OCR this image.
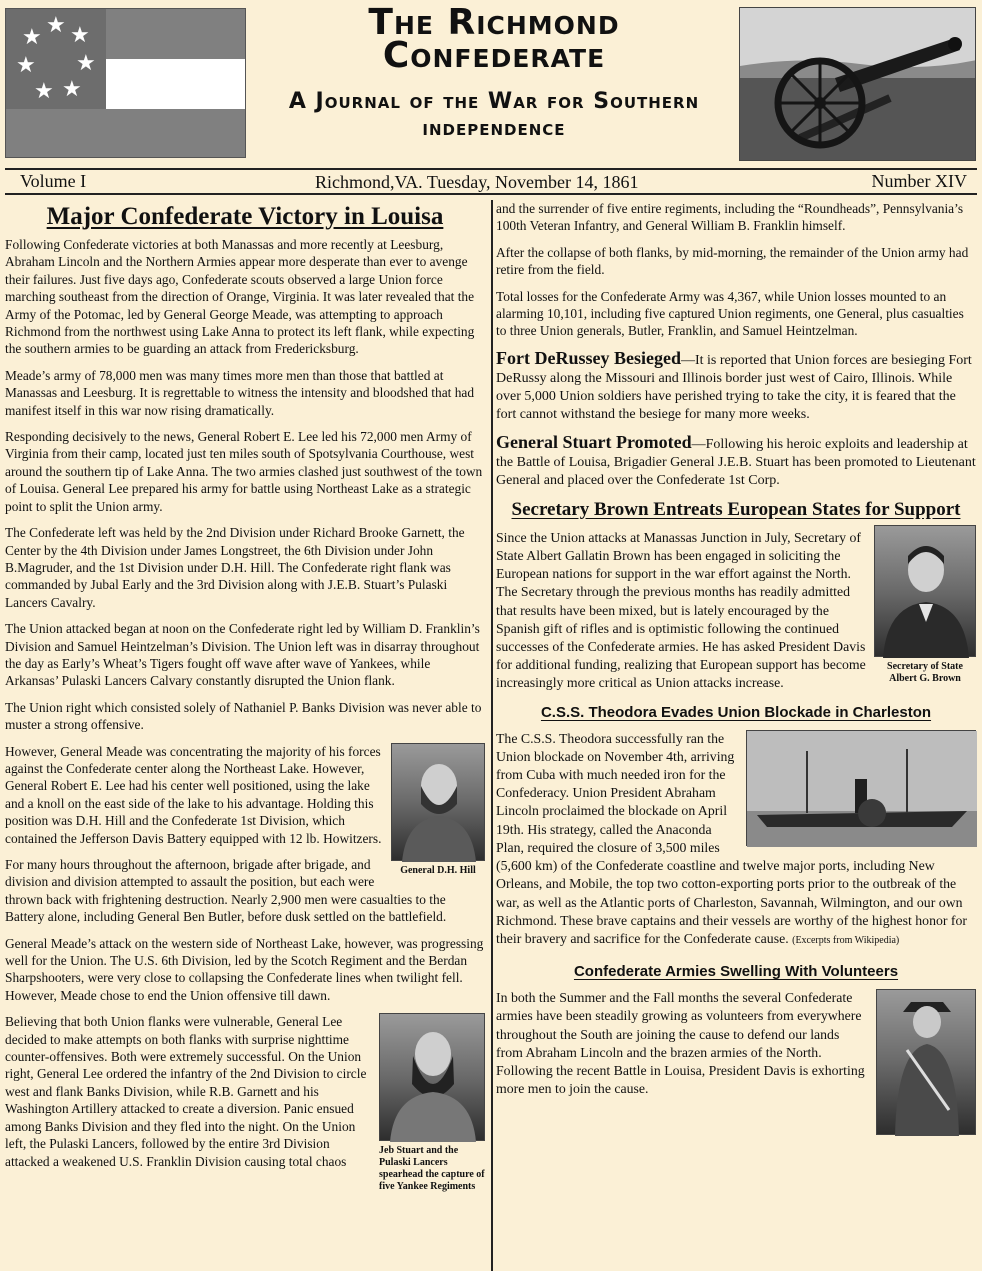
★ ★
★
★
★
★
★	The Richmond Confederate
A Journal of the War for Southern independence
Volume I	Richmond,VA. Tuesday, November 14, 1861	Number XIV
Major Confederate Victory in Louisa

Following Confederate victories at both Manassas and more recently at Leesburg, Abraham Lincoln and the Northern Armies appear more desperate than ever to avenge their failures. Just five days ago, Confederate scouts observed a large Union force marching southeast from the direction of Orange, Virginia. It was later revealed that the Army of the Potomac, led by General George Meade, was attempting to approach Richmond from the northwest using Lake Anna to protect its left flank, while expecting the southern armies to be guarding an attack from Fredericksburg.

Meade’s army of 78,000 men was many times more men than those that battled at Manassas and Leesburg. It is regrettable to witness the intensity and bloodshed that had manifest itself in this war now rising dramatically.

Responding decisively to the news, General Robert E. Lee led his 72,000 men Army of Virginia from their camp, located just ten miles south of Spotsylvania Courthouse, west around the southern tip of Lake Anna. The two armies clashed just southwest of the town of Louisa. General Lee prepared his army for battle using Northeast Lake as a strategic point to split the Union army.

The Confederate left was held by the 2nd Division under Richard Brooke Garnett, the Center by the 4th Division under James Longstreet, the 6th Division under John B.Magruder, and the 1st Division under D.H. Hill. The Confederate right flank was commanded by Jubal Early and the 3rd Division along with J.E.B. Stuart’s Pulaski Lancers Cavalry.

The Union attacked began at noon on the Confederate right led by William D. Franklin’s Division and Samuel Heintzelman’s Division. The Union left was in disarray throughout the day as Early’s Wheat’s Tigers fought off wave after wave of Yankees, while Arkansas’ Pulaski Lancers Calvary constantly disrupted the Union flank.

The Union right which consisted solely of Nathaniel P. Banks Division was never able to muster a strong offensive.

General D.H. Hill

However, General Meade was concentrating the majority of his forces against the Confederate center along the Northeast Lake. However, General Robert E. Lee had his center well positioned, using the lake and a knoll on the east side of the lake to his advantage. Holding this position was D.H. Hill and the Confederate 1st Division, which contained the Jefferson Davis Battery equipped with 12 lb. Howitzers.

For many hours throughout the afternoon, brigade after brigade, and division and division attempted to assault the position, but each were thrown back with frightening destruction. Nearly 2,900 men were casualties to the Battery alone, including General Ben Butler, before dusk settled on the battlefield.

General Meade’s attack on the western side of Northeast Lake, however, was progressing well for the Union. The U.S. 6th Division, led by the Scotch Regiment and the Berdan Sharpshooters, were very close to collapsing the Confederate lines when twilight fell. However, Meade chose to end the Union offensive till dawn.

Jeb Stuart and the Pulaski Lancers spearhead the capture of five Yankee Regiments

Believing that both Union flanks were vulnerable, General Lee decided to make attempts on both flanks with surprise nighttime counter-offensives. Both were extremely successful. On the Union right, General Lee ordered the infantry of the 2nd Division to circle west and flank Banks Division, while R.B. Garnett and his Washington Artillery attacked to create a diversion. Panic ensued among Banks Division and they fled into the night. On the Union left, the Pulaski Lancers, followed by the entire 3rd Division attacked a weakened U.S. Franklin Division causing total chaos

and the surrender of five entire regiments, including the “Roundheads”, Pennsylvania’s 100th Veteran Infantry, and General William B. Franklin himself.

After the collapse of both flanks, by mid-morning, the remainder of the Union army had retire from the field.

Total losses for the Confederate Army was 4,367, while Union losses mounted to an alarming 10,101, including five captured Union regiments, one General, plus casualties to three Union generals, Butler, Franklin, and Samuel Heintzelman.

Fort DeRussey Besieged—It is reported that Union forces are besieging Fort DeRussy along the Missouri and Illinois border just west of Cairo, Illinois. While over 5,000 Union soldiers have perished trying to take the city, it is feared that the fort cannot withstand the besiege for many more weeks.

General Stuart Promoted—Following his heroic exploits and leadership at the Battle of Louisa, Brigadier General J.E.B. Stuart has been promoted to Lieutenant General and placed over the Confederate 1st Corp.

Secretary Brown Entreats European States for Support
Secretary of State Albert G. Brown

Since the Union attacks at Manassas Junction in July, Secretary of State Albert Gallatin Brown has been engaged in soliciting the European nations for support in the war effort against the North. The Secretary through the previous months has readily admitted that results have been mixed, but is lately encouraged by the Spanish gift of rifles and is optimistic following the continued successes of the Confederate armies. He has asked President Davis for additional funding, realizing that European support has become increasingly more critical as Union attacks increase.

C.S.S. Theodora Evades Union Blockade in Charleston

The C.S.S. Theodora successfully ran the Union blockade on November 4th, arriving from Cuba with much needed iron for the Confederacy. Union President Abraham Lincoln proclaimed the blockade on April 19th. His strategy, called the Anaconda Plan, required the closure of 3,500 miles (5,600 km) of the Confederate coastline and twelve major ports, including New Orleans, and Mobile, the top two cotton-exporting ports prior to the outbreak of the war, as well as the Atlantic ports of Charleston, Savannah, Wilmington, and our own Richmond. These brave captains and their vessels are worthy of the highest honor for their bravery and sacrifice for the Confederate cause. (Excerpts from Wikipedia)

Confederate Armies Swelling With Volunteers

In both the Summer and the Fall months the several Confederate armies have been steadily growing as volunteers from everywhere throughout the South are joining the cause to defend our lands from Abraham Lincoln and the brazen armies of the North. Following the recent Battle in Louisa, President Davis is exhorting more men to join the cause.
